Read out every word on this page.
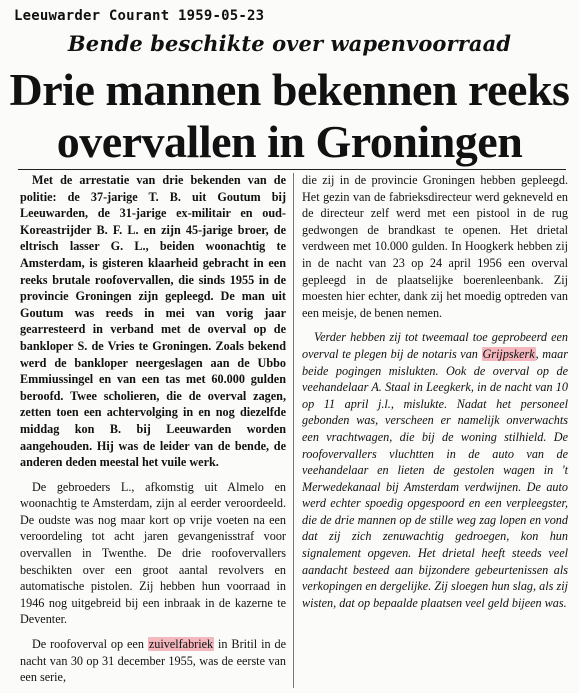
Leeuwarder Courant 1959-05-23
Bende beschikte over wapenvoorraad
Drie mannen bekennen reeks
overvallen in Groningen

Met de arrestatie van drie bekenden van de politie: de 37-jarige T. B. uit Goutum bij Leeuwarden, de 31-jarige ex-militair en oud-Koreastrijder B. F. L. en zijn 45-jarige broer, de eltrisch lasser G. L., beiden woonachtig te Amsterdam, is gisteren klaarheid gebracht in een reeks brutale roofovervallen, die sinds 1955 in de provincie Groningen zijn gepleegd. De man uit Goutum was reeds in mei van vorig jaar gearresteerd in verband met de overval op de bankloper S. de Vries te Groningen. Zoals bekend werd de bankloper neergeslagen aan de Ubbo Emmiussingel en van een tas met 60.000 gulden beroofd. Twee scholieren, die de overval zagen, zetten toen een achtervolging in en nog diezelfde middag kon B. bij Leeuwarden worden aangehouden. Hij was de leider van de bende, de anderen deden meestal het vuile werk.

De gebroeders L., afkomstig uit Almelo en woonachtig te Amsterdam, zijn al eerder veroordeeld. De oudste was nog maar kort op vrije voeten na een veroordeling tot acht jaren gevangenisstraf voor overvallen in Twenthe. De drie roofovervallers beschikten over een groot aantal revolvers en automatische pistolen. Zij hebben hun voorraad in 1946 nog uitgebreid bij een inbraak in de kazerne te Deventer.

De roofoverval op een zuivelfabriek in Britil in de nacht van 30 op 31 december 1955, was de eerste van een serie,

die zij in de provincie Groningen hebben gepleegd. Het gezin van de fabrieksdirecteur werd gekneveld en de directeur zelf werd met een pistool in de rug gedwongen de brandkast te openen. Het drietal verdween met 10.000 gulden. In Hoogkerk hebben zij in de nacht van 23 op 24 april 1956 een overval gepleegd in de plaatselijke boerenleenbank. Zij moesten hier echter, dank zij het moedig optreden van een meisje, de benen nemen.

Verder hebben zij tot tweemaal toe geprobeerd een overval te plegen bij de notaris van Grijpskerk, maar beide pogingen mislukten. Ook de overval op de veehandelaar A. Staal in Leegkerk, in de nacht van 10 op 11 april j.l., mislukte. Nadat het personeel gebonden was, verscheen er namelijk onverwachts een vrachtwagen, die bij de woning stilhield. De roofovervallers vluchtten in de auto van de veehandelaar en lieten de gestolen wagen in 't Merwedekanaal bij Amsterdam verdwijnen. De auto werd echter spoedig opgespoord en een verpleegster, die de drie mannen op de stille weg zag lopen en vond dat zij zich zenuwachtig gedroegen, kon hun signalement opgeven. Het drietal heeft steeds veel aandacht besteed aan bijzondere gebeurtenissen als verkopingen en dergelijke. Zij sloegen hun slag, als zij wisten, dat op bepaalde plaatsen veel geld bijeen was.
